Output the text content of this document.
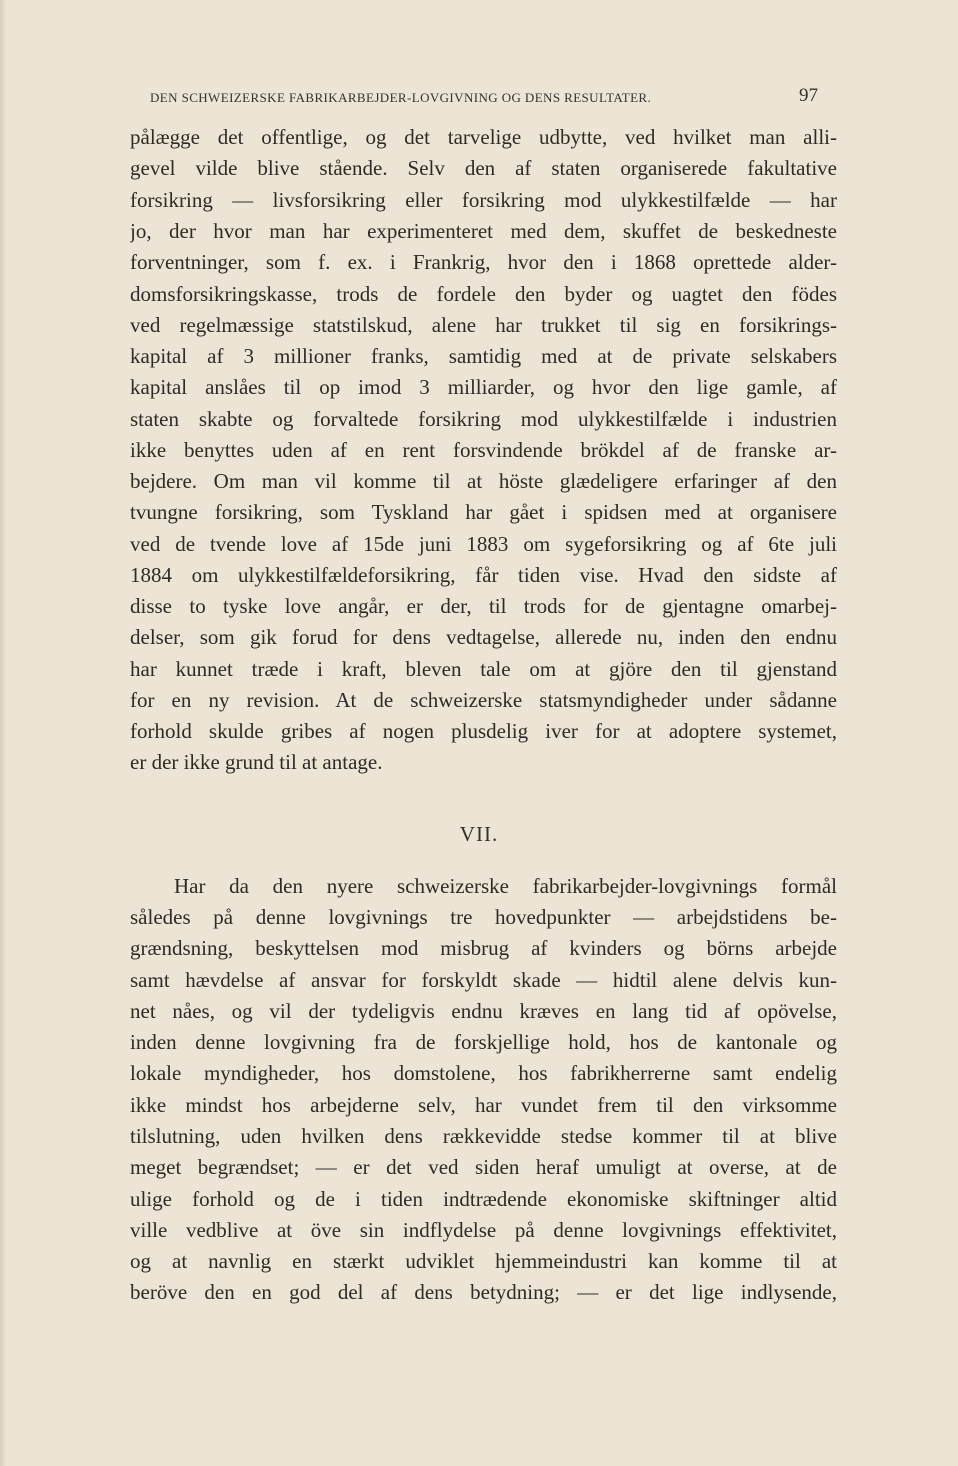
DEN SCHWEIZERSKE FABRIKARBEJDER-LOVGIVNING OG DENS RESULTATER.	97
pålægge det offentlige, og det tarvelige udbytte, ved hvilket man alli-
gevel vilde blive stående. Selv den af staten organiserede fakultative
forsikring — livsforsikring eller forsikring mod ulykkestilfælde — har
jo, der hvor man har experimenteret med dem, skuffet de beskedneste
forventninger, som f. ex. i Frankrig, hvor den i 1868 oprettede alder-
domsforsikringskasse, trods de fordele den byder og uagtet den födes
ved regelmæssige statstilskud, alene har trukket til sig en forsikrings-
kapital af 3 millioner franks, samtidig med at de private selskabers
kapital anslåes til op imod 3 milliarder, og hvor den lige gamle, af
staten skabte og forvaltede forsikring mod ulykkestilfælde i industrien
ikke benyttes uden af en rent forsvindende brökdel af de franske ar-
bejdere. Om man vil komme til at höste glædeligere erfaringer af den
tvungne forsikring, som Tyskland har gået i spidsen med at organisere
ved de tvende love af 15de juni 1883 om sygeforsikring og af 6te juli
1884 om ulykkestilfældeforsikring, får tiden vise. Hvad den sidste af
disse to tyske love angår, er der, til trods for de gjentagne omarbej-
delser, som gik forud for dens vedtagelse, allerede nu, inden den endnu
har kunnet træde i kraft, bleven tale om at gjöre den til gjenstand
for en ny revision. At de schweizerske statsmyndigheder under sådanne
forhold skulde gribes af nogen plusdelig iver for at adoptere systemet,
er der ikke grund til at antage.
VII.
Har da den nyere schweizerske fabrikarbejder-lovgivnings formål
således på denne lovgivnings tre hovedpunkter — arbejdstidens be-
grændsning, beskyttelsen mod misbrug af kvinders og börns arbejde
samt hævdelse af ansvar for forskyldt skade — hidtil alene delvis kun-
net nåes, og vil der tydeligvis endnu kræves en lang tid af opövelse,
inden denne lovgivning fra de forskjellige hold, hos de kantonale og
lokale myndigheder, hos domstolene, hos fabrikherrerne samt endelig
ikke mindst hos arbejderne selv, har vundet frem til den virksomme
tilslutning, uden hvilken dens rækkevidde stedse kommer til at blive
meget begrændset; — er det ved siden heraf umuligt at overse, at de
ulige forhold og de i tiden indtrædende ekonomiske skiftninger altid
ville vedblive at öve sin indflydelse på denne lovgivnings effektivitet,
og at navnlig en stærkt udviklet hjemmeindustri kan komme til at
beröve den en god del af dens betydning; — er det lige indlysende,
